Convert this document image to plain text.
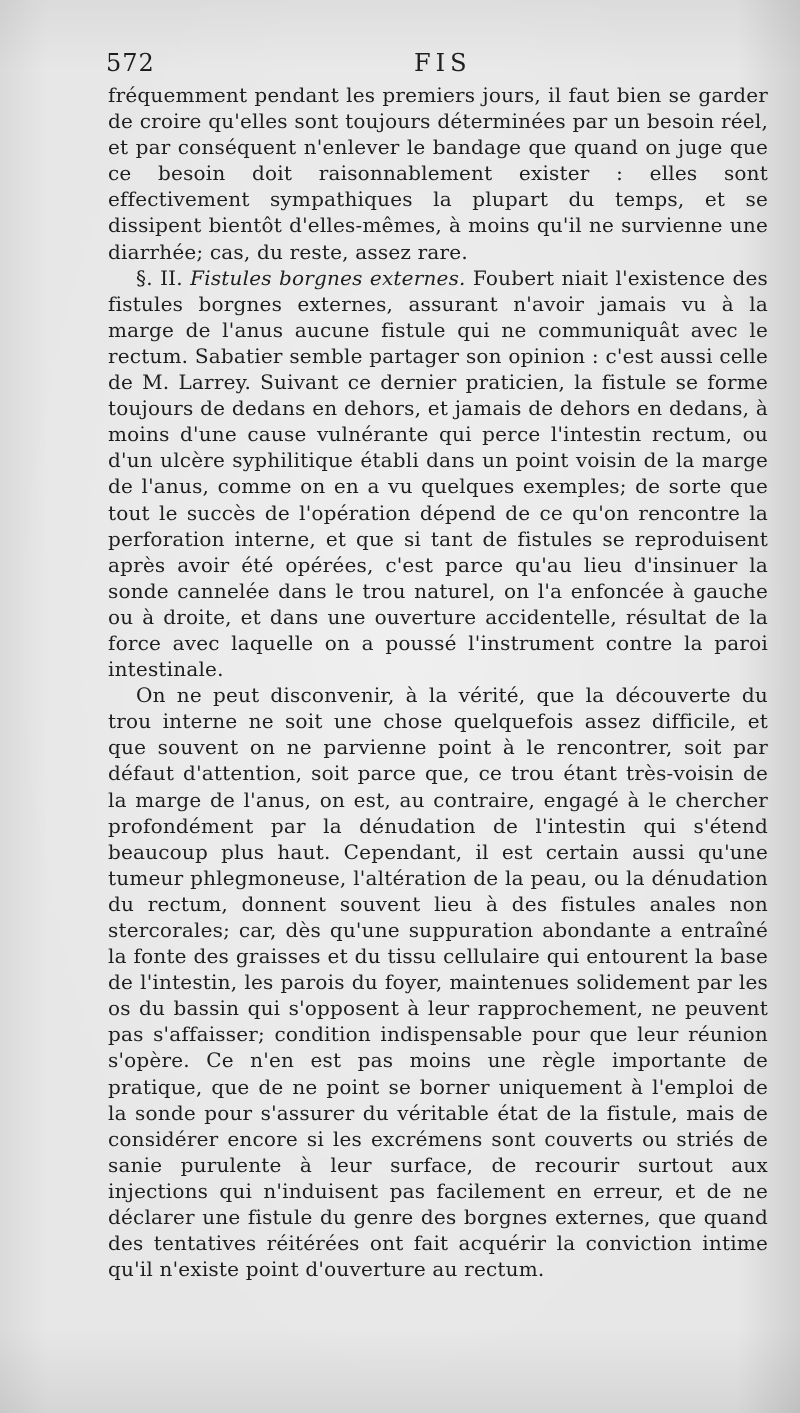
572	FIS

fréquemment pendant les premiers jours, il faut bien se garder de croire qu'elles sont toujours déterminées par un besoin réel, et par conséquent n'enlever le bandage que quand on juge que ce besoin doit raisonnablement exister : elles sont effectivement sympathiques la plupart du temps, et se dissipent bientôt d'elles-mêmes, à moins qu'il ne survienne une diarrhée; cas, du reste, assez rare.

§. II. Fistules borgnes externes. Foubert niait l'existence des fistules borgnes externes, assurant n'avoir jamais vu à la marge de l'anus aucune fistule qui ne communiquât avec le rectum. Sabatier semble partager son opinion : c'est aussi celle de M. Larrey. Suivant ce dernier praticien, la fistule se forme toujours de dedans en dehors, et jamais de dehors en dedans, à moins d'une cause vulnérante qui perce l'intestin rectum, ou d'un ulcère syphilitique établi dans un point voisin de la marge de l'anus, comme on en a vu quelques exemples; de sorte que tout le succès de l'opération dépend de ce qu'on rencontre la perforation interne, et que si tant de fistules se reproduisent après avoir été opérées, c'est parce qu'au lieu d'insinuer la sonde cannelée dans le trou naturel, on l'a enfoncée à gauche ou à droite, et dans une ouverture accidentelle, résultat de la force avec laquelle on a poussé l'instrument contre la paroi intestinale.

On ne peut disconvenir, à la vérité, que la découverte du trou interne ne soit une chose quelquefois assez difficile, et que souvent on ne parvienne point à le rencontrer, soit par défaut d'attention, soit parce que, ce trou étant très-voisin de la marge de l'anus, on est, au contraire, engagé à le chercher profondément par la dénudation de l'intestin qui s'étend beaucoup plus haut. Cependant, il est certain aussi qu'une tumeur phlegmoneuse, l'altération de la peau, ou la dénudation du rectum, donnent souvent lieu à des fistules anales non stercorales; car, dès qu'une suppuration abondante a entraîné la fonte des graisses et du tissu cellulaire qui entourent la base de l'intestin, les parois du foyer, maintenues solidement par les os du bassin qui s'opposent à leur rapprochement, ne peuvent pas s'affaisser; condition indispensable pour que leur réunion s'opère. Ce n'en est pas moins une règle importante de pratique, que de ne point se borner uniquement à l'emploi de la sonde pour s'assurer du véritable état de la fistule, mais de considérer encore si les excrémens sont couverts ou striés de sanie purulente à leur surface, de recourir surtout aux injections qui n'induisent pas facilement en erreur, et de ne déclarer une fistule du genre des borgnes externes, que quand des tentatives réitérées ont fait acquérir la conviction intime qu'il n'existe point d'ouverture au rectum.
